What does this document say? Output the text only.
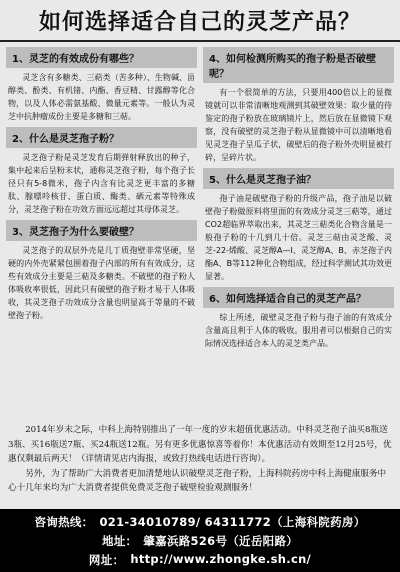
如何选择适合自己的灵芝产品？
1、灵芝的有效成份有哪些？
灵芝含有多糖类、三萜类（苦多种）、生物碱、甾醇类、酚类、有机锗、内酯、香豆精、甘露醇等化合物，以及人体必需氨基酸、微量元素等。一般认为灵芝中抗肿瘤成份主要是多糖和三萜。
2、什么是灵芝孢子粉？
灵芝孢子粉是灵芝发育后期弹射释放出的种子，集中起来后呈粉末状，通称灵芝孢子粉，每个孢子长径只有5-8微米，孢子内含有比灵芝更丰富的多糖肽、腺嘌呤核苷、蛋白质、酶类、硒元素等特殊成分，灵芝孢子粉在功效方面远远超过其母体灵芝。
3、灵芝孢子为什么要破壁？
灵芝孢子的双层外壳是几丁质孢壁非常坚硬，坚硬的内外壳紧紧包围着孢子内部的所有有效成分，这些有效成分主要是三萜及多糖类。不破壁的孢子粉人体吸收率很低，因此只有破壁的孢子粉才易于人体吸收，其灵芝孢子功效成分含量也明显高于等量的不破壁孢子粉。
4、如何检测所购买的孢子粉是否破壁呢？
有一个很简单的方法，只要用400倍以上的显微镜就可以非常清晰地观测到其破壁效果：取少量的待鉴定的孢子粉放在玻璃镜片上，然后放在显微镜下观察，没有破壁的灵芝孢子粉从显微镜中可以清晰地看见灵芝孢子呈瓜子状，破壁后的孢子粉外壳明显被打碎，呈碎片状。
5、什么是灵芝孢子油？
孢子油是破壁孢子粉的升级产品，孢子油是以破壁孢子粉做原料将里面的有效成分灵芝三萜等，通过CO2超临界萃取出来，其灵芝三萜类化合物含量是一般孢子粉的十几到几十倍。灵芝三萜由灵芝酸、灵芝-22-烯酸、灵芝醇A—I、灵芝醇A、B、赤芝孢子内酯A、B等112种化合物组成，经过科学测试其功效更显著。
6、如何选择适合自己的灵芝产品？
综上所述，破壁灵芝孢子粉与孢子油的有效成分含量高且利于人体的吸收。服用者可以根据自己的实际情况选择适合本人的灵芝类产品。

2014年岁末之际，中科上海特别推出了一年一度的岁末超值优惠活动。中科灵芝孢子油买8瓶送3瓶、买16瓶送7瓶、买24瓶送12瓶。另有更多优惠惊喜等着你！本优惠活动有效期至12月25号，优惠仅剩最后两天！（详情请见店内海报，或致打热线电话进行咨询）。

另外，为了帮助广大消费者更加清楚地认识破壁灵芝孢子粉，上海科院药房中科上海健康服务中心十几年来均为广大消费者提供免费灵芝孢子破壁检验观测服务！

咨询热线： 021-34010789/ 64311772（上海科院药房）
地址： 肇嘉浜路526号（近岳阳路）
网址： http://www.zhongke.sh.cn/
